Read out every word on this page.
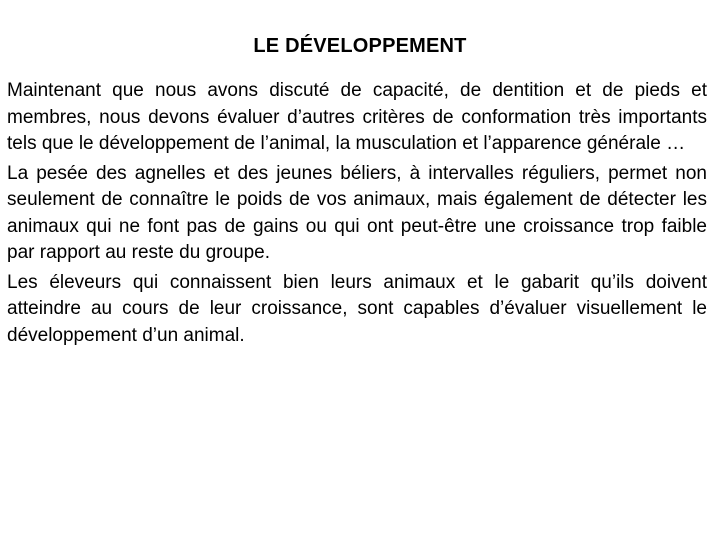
LE DÉVELOPPEMENT

Maintenant que nous avons discuté de capacité, de dentition et de pieds et membres, nous devons évaluer d’autres critères de conformation très importants tels que le développement de l’animal, la musculation et l’apparence générale …

La pesée des agnelles et des jeunes béliers, à intervalles réguliers, permet non seulement de connaître le poids de vos animaux, mais également de détecter les animaux qui ne font pas de gains ou qui ont peut-être une croissance trop faible par rapport au reste du groupe.

Les éleveurs qui connaissent bien leurs animaux et le gabarit qu’ils doivent atteindre au cours de leur croissance, sont capables d’évaluer visuellement le développement d’un animal.
